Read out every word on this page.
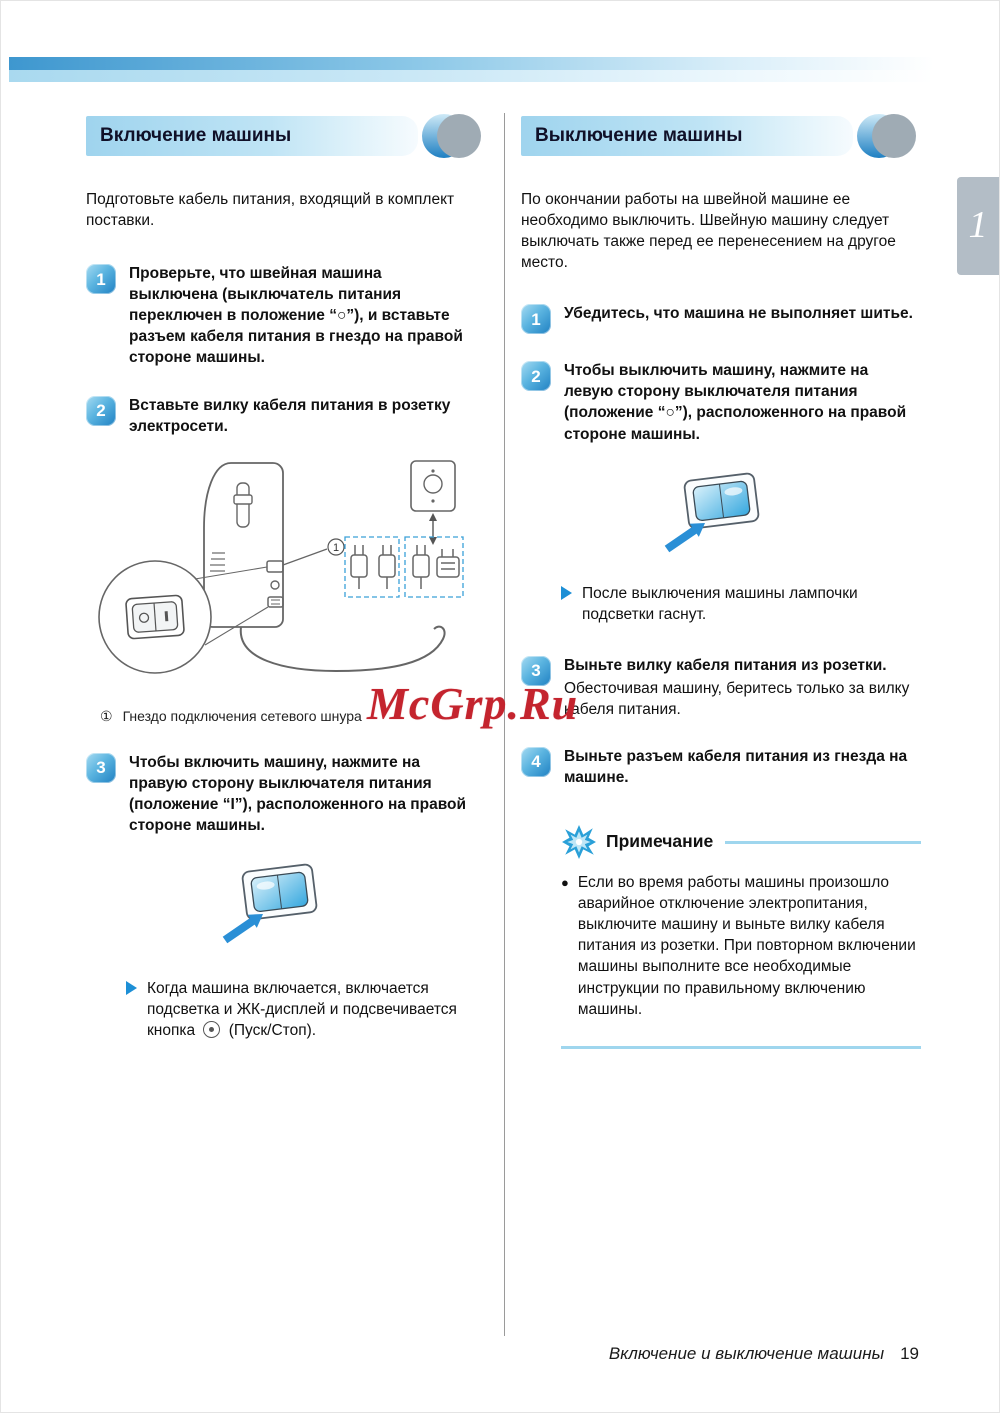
1
Включение машины

Подготовьте кабель питания, входящий в комплект поставки.

1	Проверьте, что швейная машина выключена (выключатель питания переключен в положение “○”), и вставьте разъем кабеля питания в гнездо на правой стороне машины.
2	Вставьте вилку кабеля питания в розетку электросети.
1
① Гнездо подключения сетевого шнура
3	Чтобы включить машину, нажмите на правую сторону выключателя питания (положение “I”), расположенного на правой стороне машины.

Когда машина включается, включается подсветка и ЖК-дисплей и подсвечивается кнопка (Пуск/Стоп).

Выключение машины

По окончании работы на швейной машине ее необходимо выключить. Швейную машину следует выключать также перед ее перенесением на другое место.

1	Убедитесь, что машина не выполняет шитье.
2	Чтобы выключить машину, нажмите на левую сторону выключателя питания (положение “○”), расположенного на правой стороне машины.

После выключения машины лампочки подсветки гаснут.

3	Выньте вилку кабеля питания из розетки.
Обесточивая машину, беритесь только за вилку кабеля питания.
4	Выньте разъем кабеля питания из гнезда на машине.
Примечание
● Если во время работы машины произошло аварийное отключение электропитания, выключите машину и выньте вилку кабеля питания из розетки. При повторном включении машины выполните все необходимые инструкции по правильному включению машины.
McGrp.Ru
Включение и выключение машины 19
